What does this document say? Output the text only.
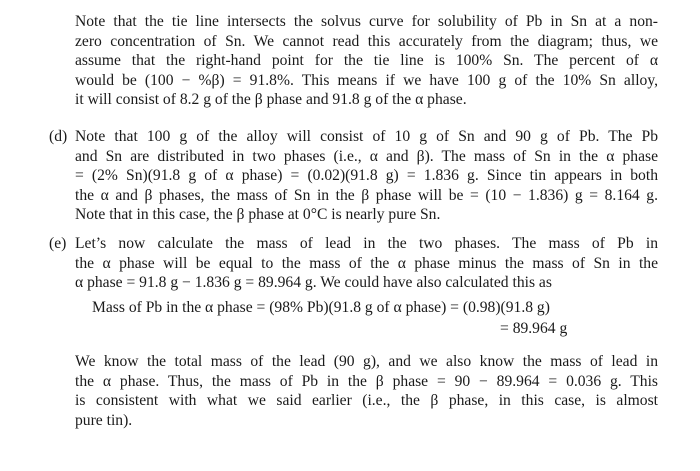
Note that the tie line intersects the solvus curve for solubility of Pb in Sn at a non-
zero concentration of Sn. We cannot read this accurately from the diagram; thus, we
assume that the right-hand point for the tie line is 100% Sn. The percent of α
would be (100 − %β) = 91.8%. This means if we have 100 g of the 10% Sn alloy,
it will consist of 8.2 g of the β phase and 91.8 g of the α phase.
(d) Note that 100 g of the alloy will consist of 10 g of Sn and 90 g of Pb. The Pb
and Sn are distributed in two phases (i.e., α and β). The mass of Sn in the α phase
= (2% Sn)(91.8 g of α phase) = (0.02)(91.8 g) = 1.836 g. Since tin appears in both
the α and β phases, the mass of Sn in the β phase will be = (10 − 1.836) g = 8.164 g.
Note that in this case, the β phase at 0°C is nearly pure Sn.
(e) Let’s now calculate the mass of lead in the two phases. The mass of Pb in
the α phase will be equal to the mass of the α phase minus the mass of Sn in the
α phase = 91.8 g − 1.836 g = 89.964 g. We could have also calculated this as
Mass of Pb in the α phase = (98% Pb)(91.8 g of α phase) = (0.98)(91.8 g)
= 89.964 g
We know the total mass of the lead (90 g), and we also know the mass of lead in
the α phase. Thus, the mass of Pb in the β phase = 90 − 89.964 = 0.036 g. This
is consistent with what we said earlier (i.e., the β phase, in this case, is almost
pure tin).
